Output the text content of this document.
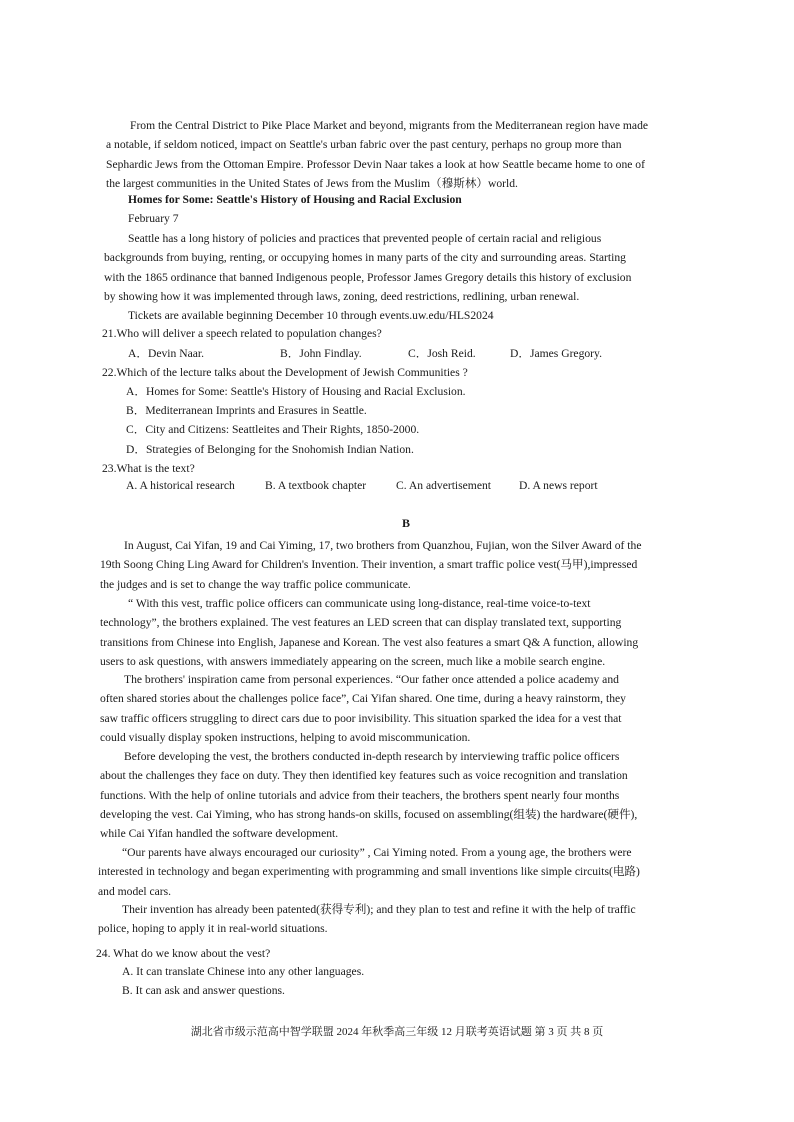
From the Central District to Pike Place Market and beyond, migrants from the Mediterranean region have made
a notable, if seldom noticed, impact on Seattle's urban fabric over the past century, perhaps no group more than
Sephardic Jews from the Ottoman Empire. Professor Devin Naar takes a look at how Seattle became home to one of
the largest communities in the United States of Jews from the Muslim（穆斯林）world.
Homes for Some: Seattle's History of Housing and Racial Exclusion
February 7
Seattle has a long history of policies and practices that prevented people of certain racial and religious
backgrounds from buying, renting, or occupying homes in many parts of the city and surrounding areas. Starting
with the 1865 ordinance that banned Indigenous people, Professor James Gregory details this history of exclusion
by showing how it was implemented through laws, zoning, deed restrictions, redlining, urban renewal.
Tickets are available beginning December 10 through events.uw.edu/HLS2024
21.Who will deliver a speech related to population changes?
A．Devin Naar.	B．John Findlay.	C．Josh Reid.	D．James Gregory.
22.Which of the lecture talks about the Development of Jewish Communities ?
A．Homes for Some: Seattle's History of Housing and Racial Exclusion.
B．Mediterranean Imprints and Erasures in Seattle.
C．City and Citizens: Seattleites and Their Rights, 1850-2000.
D．Strategies of Belonging for the Snohomish Indian Nation.
23.What is the text?
A. A historical research	B. A textbook chapter	C. An advertisement D. A news report
B
In August, Cai Yifan, 19 and Cai Yiming, 17, two brothers from Quanzhou, Fujian, won the Silver Award of the
19th Soong Ching Ling Award for Children's Invention. Their invention, a smart traffic police vest(马甲),impressed
the judges and is set to change the way traffic police communicate.
“ With this vest, traffic police officers can communicate using long-distance, real-time voice-to-text
technology”, the brothers explained. The vest features an LED screen that can display translated text, supporting
transitions from Chinese into English, Japanese and Korean. The vest also features a smart Q& A function, allowing
users to ask questions, with answers immediately appearing on the screen, much like a mobile search engine.
The brothers' inspiration came from personal experiences. “Our father once attended a police academy and
often shared stories about the challenges police face”, Cai Yifan shared. One time, during a heavy rainstorm, they
saw traffic officers struggling to direct cars due to poor invisibility. This situation sparked the idea for a vest that
could visually display spoken instructions, helping to avoid miscommunication.
Before developing the vest, the brothers conducted in-depth research by interviewing traffic police officers
about the challenges they face on duty. They then identified key features such as voice recognition and translation
functions. With the help of online tutorials and advice from their teachers, the brothers spent nearly four months
developing the vest. Cai Yiming, who has strong hands-on skills, focused on assembling(组装) the hardware(硬件),
while Cai Yifan handled the software development.
“Our parents have always encouraged our curiosity” , Cai Yiming noted. From a young age, the brothers were
interested in technology and began experimenting with programming and small inventions like simple circuits(电路)
and model cars.
Their invention has already been patented(获得专利); and they plan to test and refine it with the help of traffic
police, hoping to apply it in real-world situations.
24. What do we know about the vest?
A. It can translate Chinese into any other languages.
B. It can ask and answer questions.
湖北省市级示范高中智学联盟 2024 年秋季高三年级 12 月联考英语试题 第 3 页 共 8 页
